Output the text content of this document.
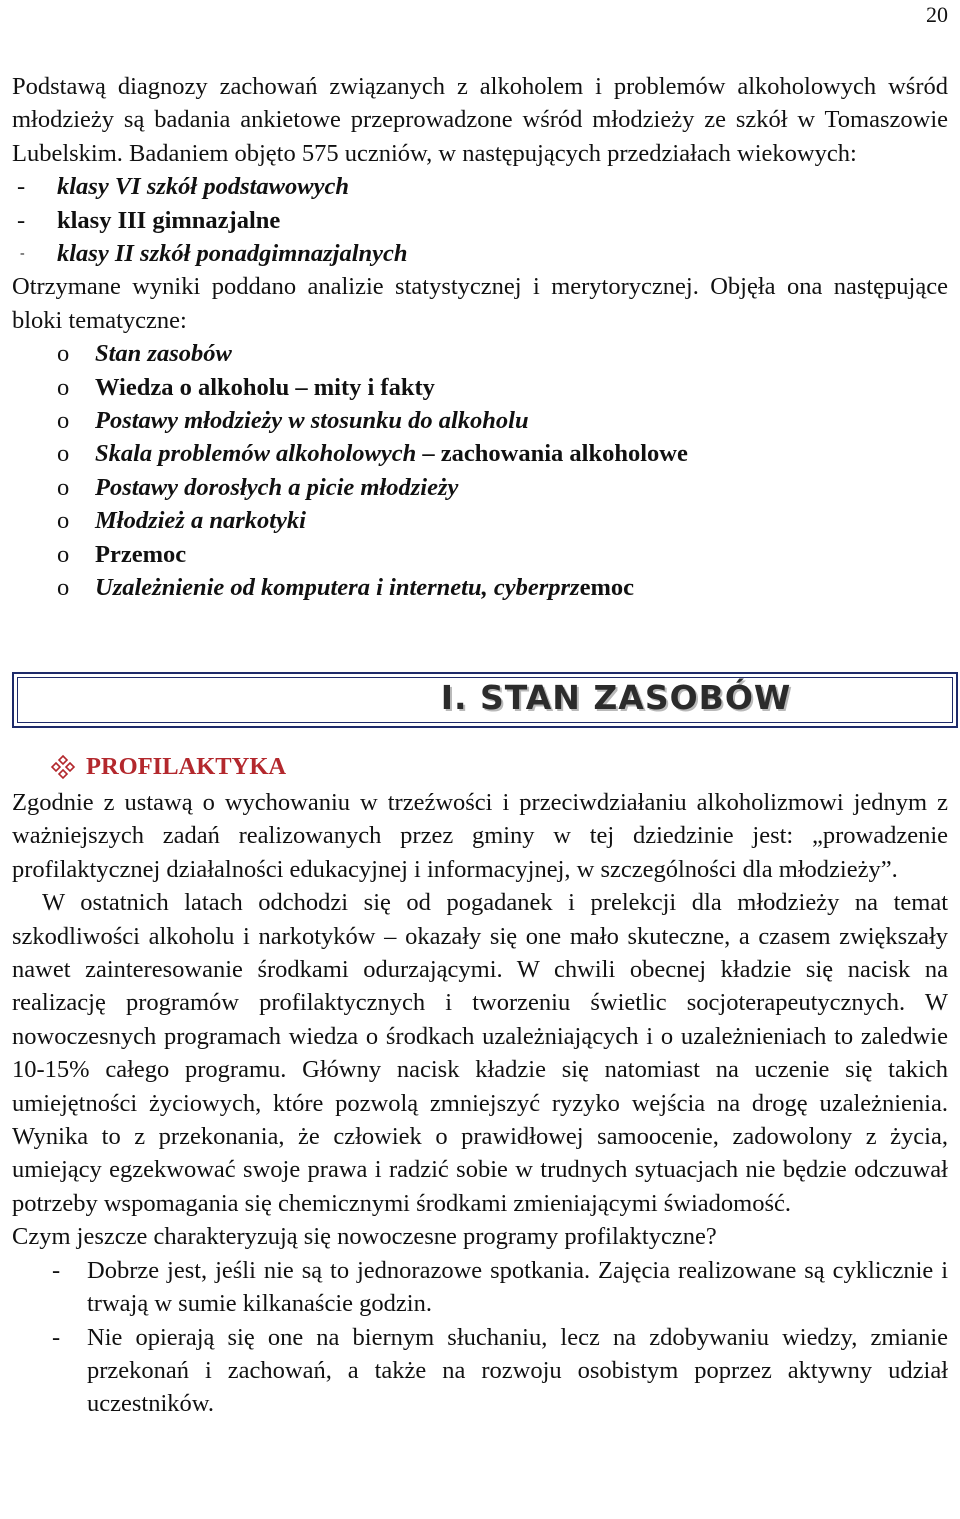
20

Podstawą diagnozy zachowań związanych z alkoholem i problemów alkoholowych wśród młodzieży są badania ankietowe przeprowadzone wśród młodzieży ze szkół w Tomaszowie Lubelskim. Badaniem objęto 575 uczniów, w następujących przedziałach wiekowych:

- klasy VI szkół podstawowych
- klasy III gimnazjalne
- klasy II szkół ponadgimnazjalnych

Otrzymane wyniki poddano analizie statystycznej i merytorycznej. Objęła ona następujące bloki tematyczne:

o Stan zasobów
o Wiedza o alkoholu – mity i fakty
o Postawy młodzieży w stosunku do alkoholu
o Skala problemów alkoholowych – zachowania alkoholowe
o Postawy dorosłych a picie młodzieży
o Młodzież a narkotyki
o Przemoc
o Uzależnienie od komputera i internetu, cyberprzemoc
I. STAN ZASOBÓW
PROFILAKTYKA

Zgodnie z ustawą o wychowaniu w trzeźwości i przeciwdziałaniu alkoholizmowi jednym z ważniejszych zadań realizowanych przez gminy w tej dziedzinie jest: „prowadzenie profilaktycznej działalności edukacyjnej i informacyjnej, w szczególności dla młodzieży”.

W ostatnich latach odchodzi się od pogadanek i prelekcji dla młodzieży na temat szkodliwości alkoholu i narkotyków – okazały się one mało skuteczne, a czasem zwiększały nawet zainteresowanie środkami odurzającymi. W chwili obecnej kładzie się nacisk na realizację programów profilaktycznych i tworzeniu świetlic socjoterapeutycznych. W nowoczesnych programach wiedza o środkach uzależniających i o uzależnieniach to zaledwie 10-15% całego programu. Główny nacisk kładzie się natomiast na uczenie się takich umiejętności życiowych, które pozwolą zmniejszyć ryzyko wejścia na drogę uzależnienia. Wynika to z przekonania, że człowiek o prawidłowej samoocenie, zadowolony z życia, umiejący egzekwować swoje prawa i radzić sobie w trudnych sytuacjach nie będzie odczuwał potrzeby wspomagania się chemicznymi środkami zmieniającymi świadomość.

Czym jeszcze charakteryzują się nowoczesne programy profilaktyczne?

- Dobrze jest, jeśli nie są to jednorazowe spotkania. Zajęcia realizowane są cyklicznie i trwają w sumie kilkanaście godzin.
- Nie opierają się one na biernym słuchaniu, lecz na zdobywaniu wiedzy, zmianie przekonań i zachowań, a także na rozwoju osobistym poprzez aktywny udział uczestników.
